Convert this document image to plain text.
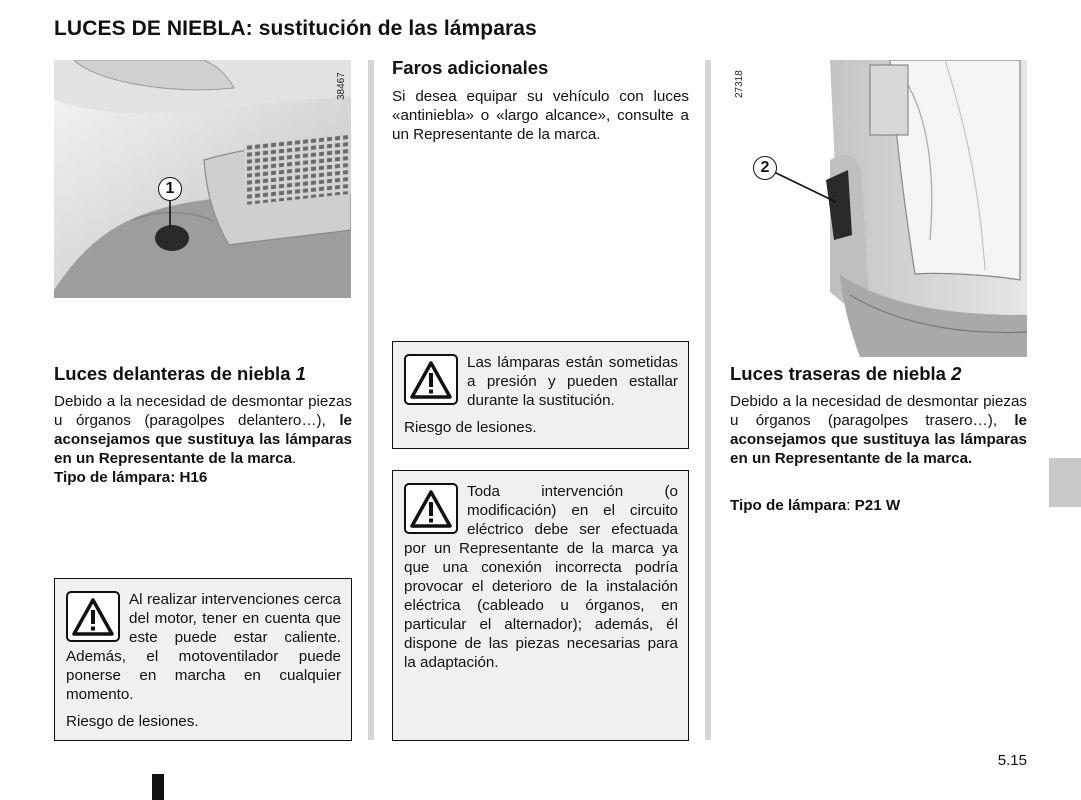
LUCES DE NIEBLA: sustitución de las lámparas
38467
1
27318
2
Luces delanteras de niebla 1
Debido a la necesidad de desmontar piezas u órganos (paragolpes delantero…), le aconsejamos que sustituya las lámparas en un Representante de la marca.
Tipo de lámpara: H16

Al realizar intervenciones cerca del motor, tener en cuenta que este puede estar caliente. Además, el motoventilador puede ponerse en marcha en cualquier momento.

Riesgo de lesiones.

Faros adicionales
Si desea equipar su vehículo con luces «antiniebla» o «largo alcance», consulte a un Representante de la marca.

Las lámparas están sometidas a presión y pueden estallar durante la sustitución.

Riesgo de lesiones.

Toda intervención (o modificación) en el circuito eléctrico debe ser efectuada por un Representante de la marca ya que una conexión incorrecta podría provocar el deterioro de la instalación eléctrica (cableado u órganos, en particular el alternador); además, él dispone de las piezas necesarias para la adaptación.

Luces traseras de niebla 2
Debido a la necesidad de desmontar piezas u órganos (paragolpes trasero…), le aconsejamos que sustituya las lámparas en un Representante de la marca.
Tipo de lámpara: P21 W
5.15
